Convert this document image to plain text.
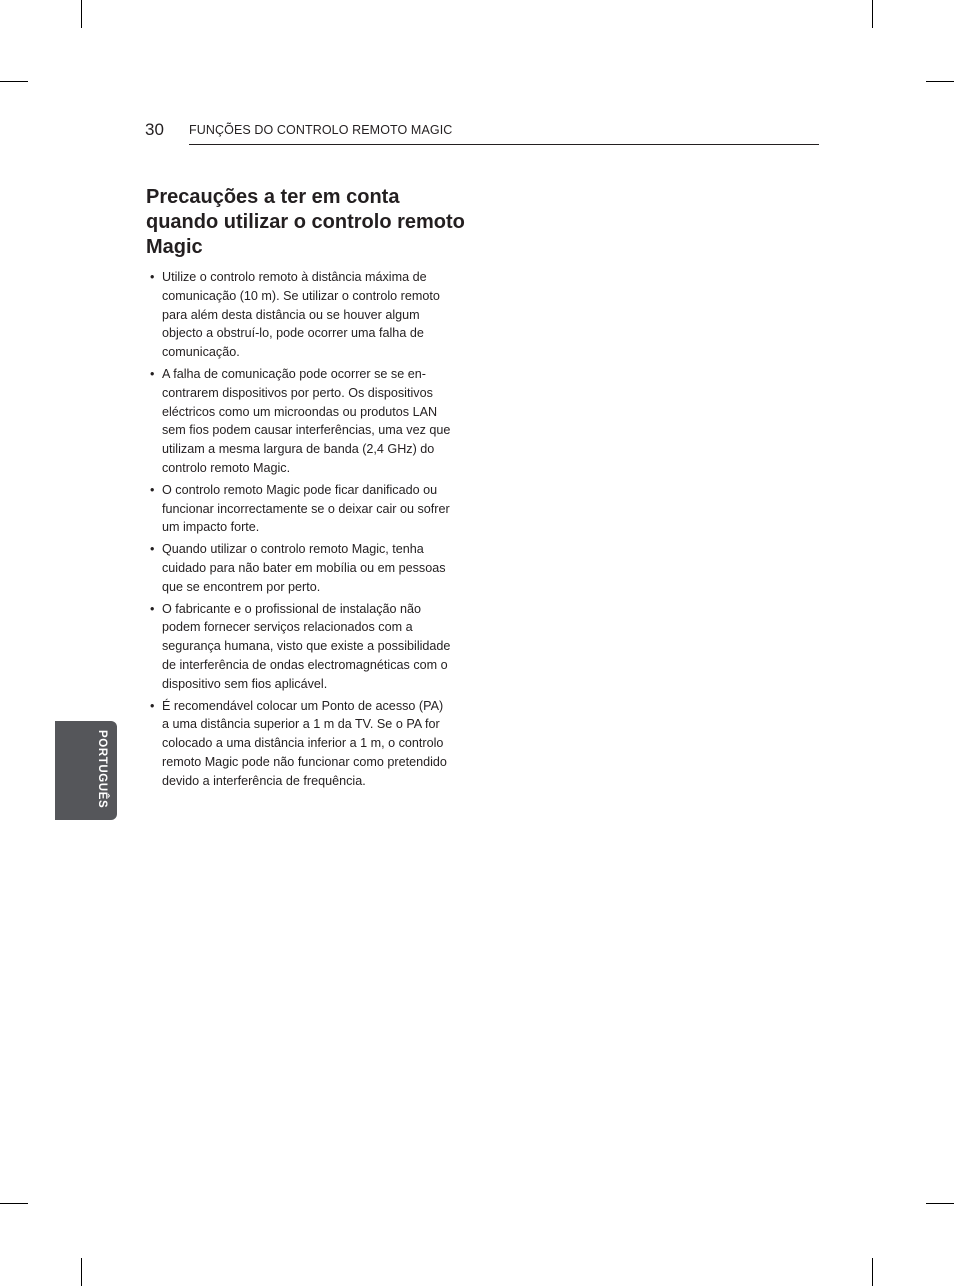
30 FUNÇÕES DO CONTROLO REMOTO MAGIC
Precauções a ter em conta quando utilizar o controlo remoto Magic
• Utilize o controlo remoto à distância máxima de
comunicação (10 m). Se utilizar o controlo remoto
para além desta distância ou se houver algum
objecto a obstruí-lo, pode ocorrer uma falha de
comunicação.
• A falha de comunicação pode ocorrer se se en-
contrarem dispositivos por perto. Os dispositivos
eléctricos como um microondas ou produtos LAN
sem fios podem causar interferências, uma vez que
utilizam a mesma largura de banda (2,4 GHz) do
controlo remoto Magic.
• O controlo remoto Magic pode ficar danificado ou
funcionar incorrectamente se o deixar cair ou sofrer
um impacto forte.
• Quando utilizar o controlo remoto Magic, tenha
cuidado para não bater em mobília ou em pessoas
que se encontrem por perto.
• O fabricante e o profissional de instalação não
podem fornecer serviços relacionados com a
segurança humana, visto que existe a possibilidade
de interferência de ondas electromagnéticas com o
dispositivo sem fios aplicável.
• É recomendável colocar um Ponto de acesso (PA)
a uma distância superior a 1 m da TV. Se o PA for
colocado a uma distância inferior a 1 m, o controlo
remoto Magic pode não funcionar como pretendido
devido a interferência de frequência.
PORTUGUÊS
